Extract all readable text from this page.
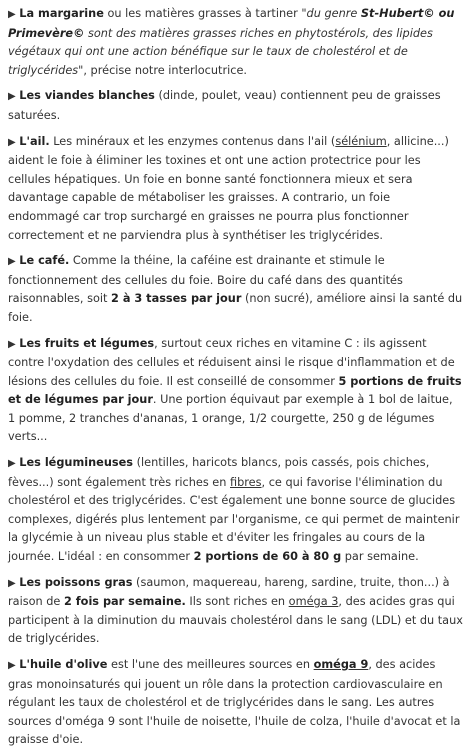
▶ La margarine ou les matières grasses à tartiner "du genre St-Hubert© ou Primevère© sont des matières grasses riches en phytostérols, des lipides végétaux qui ont une action bénéfique sur le taux de cholestérol et de triglycérides", précise notre interlocutrice.

▶ Les viandes blanches (dinde, poulet, veau) contiennent peu de graisses saturées.

▶ L'ail. Les minéraux et les enzymes contenus dans l'ail (sélénium, allicine...) aident le foie à éliminer les toxines et ont une action protectrice pour les cellules hépatiques. Un foie en bonne santé fonctionnera mieux et sera davantage capable de métaboliser les graisses. A contrario, un foie endommagé car trop surchargé en graisses ne pourra plus fonctionner correctement et ne parviendra plus à synthétiser les triglycérides.

▶ Le café. Comme la théine, la caféine est drainante et stimule le fonctionnement des cellules du foie. Boire du café dans des quantités raisonnables, soit 2 à 3 tasses par jour (non sucré), améliore ainsi la santé du foie.

▶ Les fruits et légumes, surtout ceux riches en vitamine C : ils agissent contre l'oxydation des cellules et réduisent ainsi le risque d'inflammation et de lésions des cellules du foie. Il est conseillé de consommer 5 portions de fruits et de légumes par jour. Une portion équivaut par exemple à 1 bol de laitue, 1 pomme, 2 tranches d'ananas, 1 orange, 1/2 courgette, 250 g de légumes verts...

▶ Les légumineuses (lentilles, haricots blancs, pois cassés, pois chiches, fèves...) sont également très riches en fibres, ce qui favorise l'élimination du cholestérol et des triglycérides. C'est également une bonne source de glucides complexes, digérés plus lentement par l'organisme, ce qui permet de maintenir la glycémie à un niveau plus stable et d'éviter les fringales au cours de la journée. L'idéal : en consommer 2 portions de 60 à 80 g par semaine.

▶ Les poissons gras (saumon, maquereau, hareng, sardine, truite, thon...) à raison de 2 fois par semaine. Ils sont riches en oméga 3, des acides gras qui participent à la diminution du mauvais cholestérol dans le sang (LDL) et du taux de triglycérides.

▶ L'huile d'olive est l'une des meilleures sources en oméga 9, des acides gras monoinsaturés qui jouent un rôle dans la protection cardiovasculaire en régulant les taux de cholestérol et de triglycérides dans le sang. Les autres sources d'oméga 9 sont l'huile de noisette, l'huile de colza, l'huile d'avocat et la graisse d'oie.
